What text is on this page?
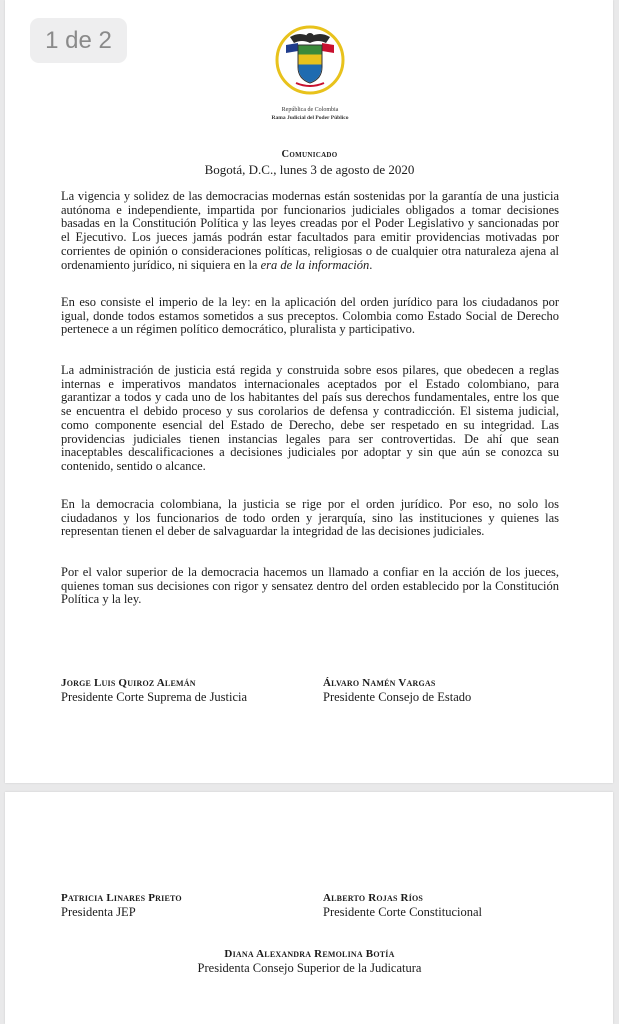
1 de 2
República de Colombia
Rama Judicial del Poder Público
Comunicado
Bogotá, D.C., lunes 3 de agosto de 2020
La vigencia y solidez de las democracias modernas están sostenidas por la garantía de una justicia autónoma e independiente, impartida por funcionarios judiciales obligados a tomar decisiones basadas en la Constitución Política y las leyes creadas por el Poder Legislativo y sancionadas por el Ejecutivo. Los jueces jamás podrán estar facultados para emitir providencias motivadas por corrientes de opinión o consideraciones políticas, religiosas o de cualquier otra naturaleza ajena al ordenamiento jurídico, ni siquiera en la era de la información.
En eso consiste el imperio de la ley: en la aplicación del orden jurídico para los ciudadanos por igual, donde todos estamos sometidos a sus preceptos. Colombia como Estado Social de Derecho pertenece a un régimen político democrático, pluralista y participativo.
La administración de justicia está regida y construida sobre esos pilares, que obedecen a reglas internas e imperativos mandatos internacionales aceptados por el Estado colombiano, para garantizar a todos y cada uno de los habitantes del país sus derechos fundamentales, entre los que se encuentra el debido proceso y sus corolarios de defensa y contradicción. El sistema judicial, como componente esencial del Estado de Derecho, debe ser respetado en su integridad. Las providencias judiciales tienen instancias legales para ser controvertidas. De ahí que sean inaceptables descalificaciones a decisiones judiciales por adoptar y sin que aún se conozca su contenido, sentido o alcance.
En la democracia colombiana, la justicia se rige por el orden jurídico. Por eso, no solo los ciudadanos y los funcionarios de todo orden y jerarquía, sino las instituciones y quienes las representan tienen el deber de salvaguardar la integridad de las decisiones judiciales.
Por el valor superior de la democracia hacemos un llamado a confiar en la acción de los jueces, quienes toman sus decisiones con rigor y sensatez dentro del orden establecido por la Constitución Política y la ley.
Jorge Luis Quiroz Alemán
Presidente Corte Suprema de Justicia
Álvaro Namén Vargas
Presidente Consejo de Estado
Patricia Linares Prieto
Presidenta JEP
Alberto Rojas Ríos
Presidente Corte Constitucional
Diana Alexandra Remolina Botía
Presidenta Consejo Superior de la Judicatura
